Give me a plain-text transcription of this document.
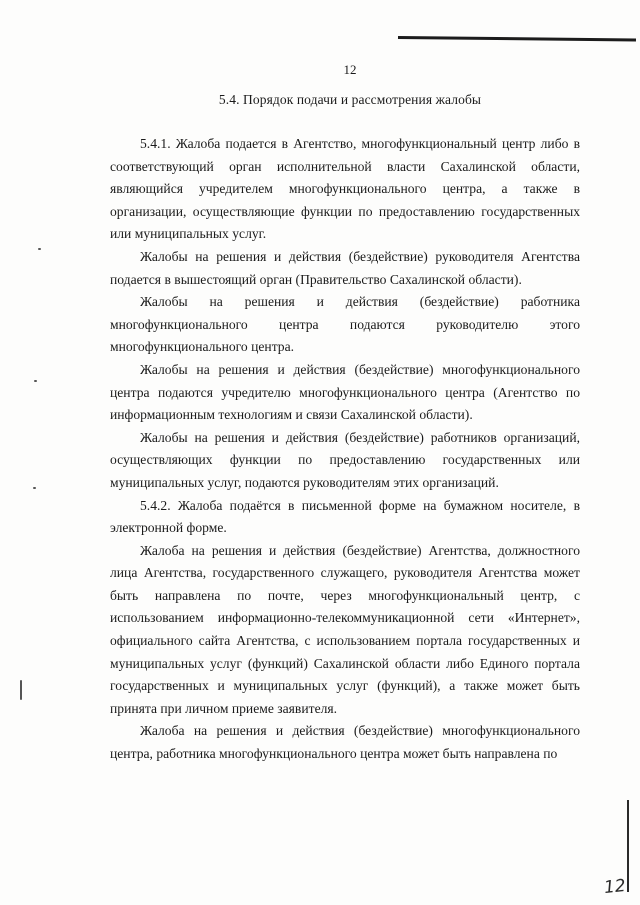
12
5.4. Порядок подачи и рассмотрения жалобы

5.4.1. Жалоба подается в Агентство, многофункциональный центр либо в соответствующий орган исполнительной власти Сахалинской области, являющийся учредителем многофункционального центра, а также в организации, осуществляющие функции по предоставлению государственных или муниципальных услуг.

Жалобы на решения и действия (бездействие) руководителя Агентства подается в вышестоящий орган (Правительство Сахалинской области).

Жалобы на решения и действия (бездействие) работника многофункционального центра подаются руководителю этого многофункционального центра.

Жалобы на решения и действия (бездействие) многофункционального центра подаются учредителю многофункционального центра (Агентство по информационным технологиям и связи Сахалинской области).

Жалобы на решения и действия (бездействие) работников организаций, осуществляющих функции по предоставлению государственных или муниципальных услуг, подаются руководителям этих организаций.

5.4.2. Жалоба подаётся в письменной форме на бумажном носителе, в электронной форме.

Жалоба на решения и действия (бездействие) Агентства, должностного лица Агентства, государственного служащего, руководителя Агентства может быть направлена по почте, через многофункциональный центр, с использованием информационно-телекоммуникационной сети «Интернет», официального сайта Агентства, с использованием портала государственных и муниципальных услуг (функций) Сахалинской области либо Единого портала государственных и муниципальных услуг (функций), а также может быть принята при личном приеме заявителя.

Жалоба на решения и действия (бездействие) многофункционального центра, работника многофункционального центра может быть направлена по

12
